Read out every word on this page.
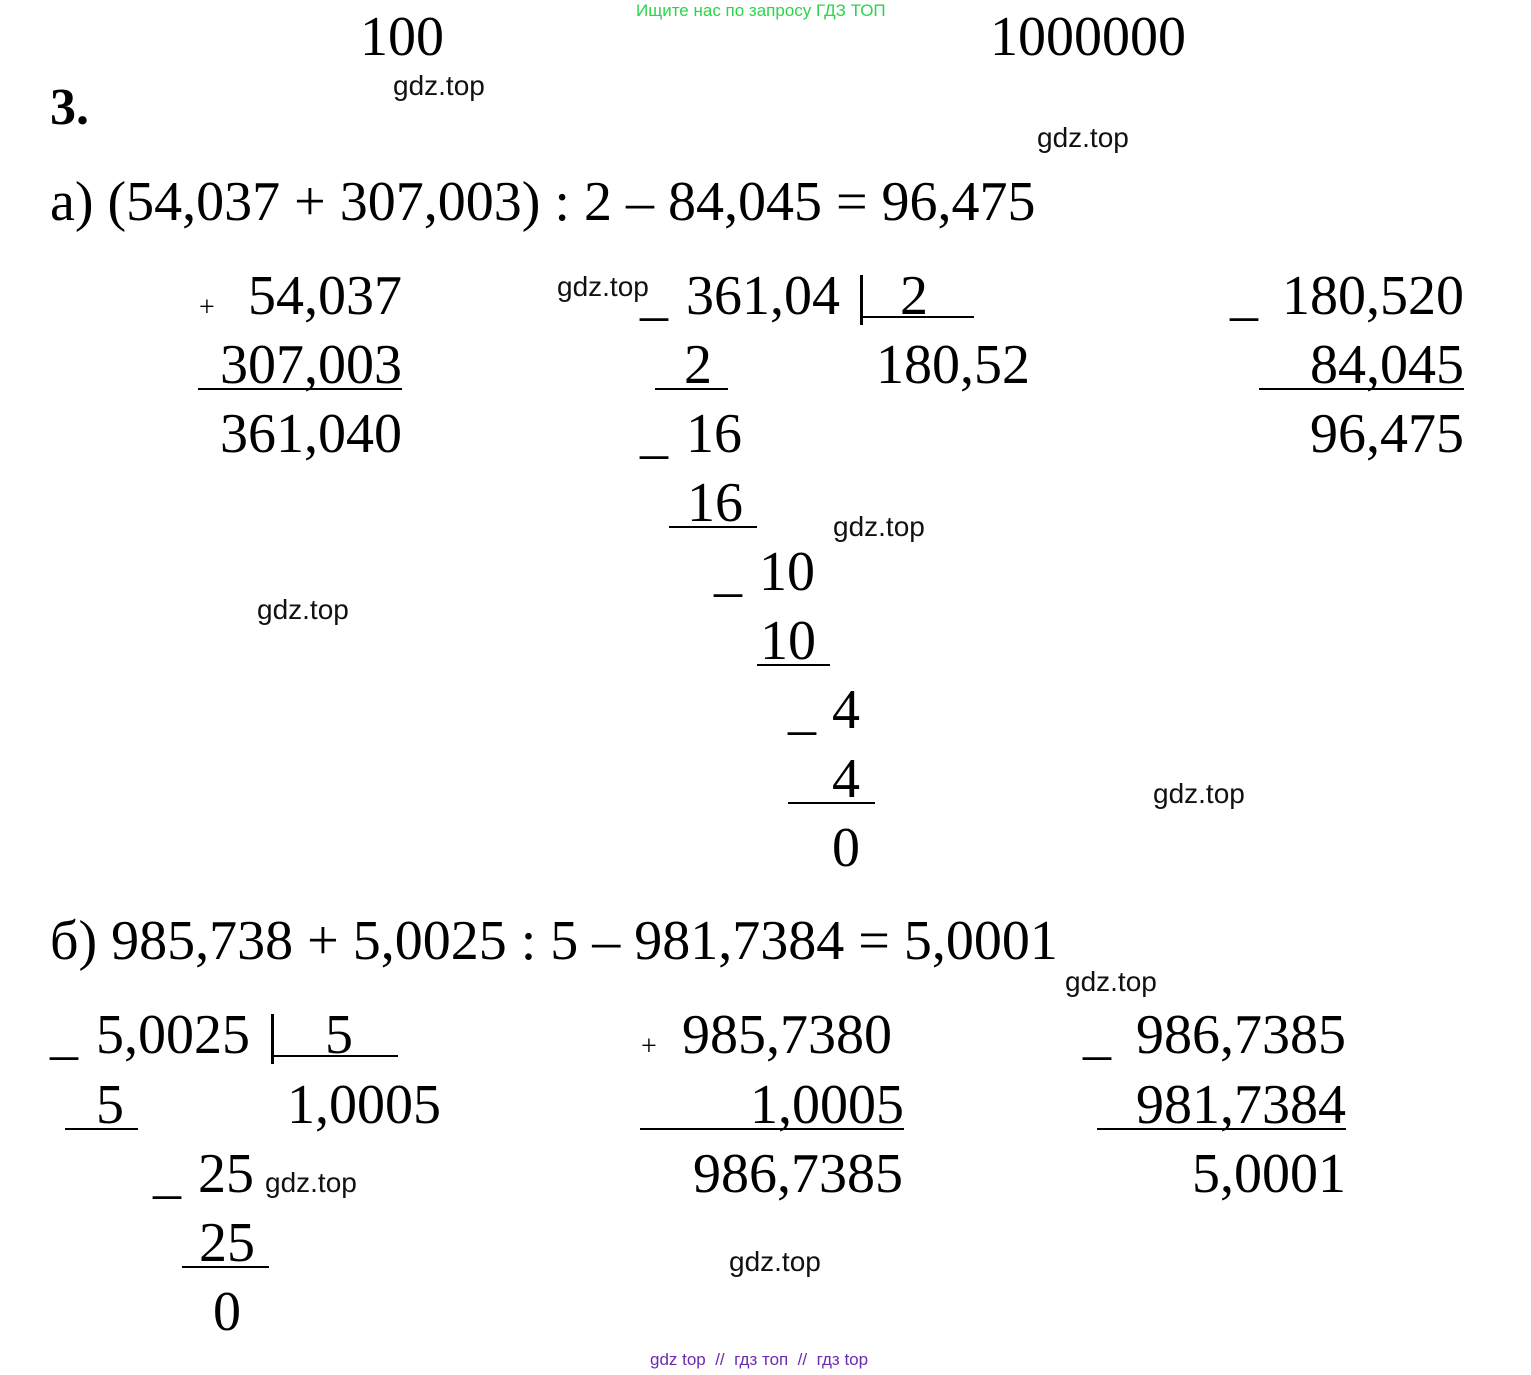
Ищите нас по запросу ГДЗ ТОП

100

	1000000

3.	gdz.top
gdz.top
gdz.top
gdz.top
gdz.top
gdz.top
gdz.top
gdz.top
gdz.top
а) (54,037 + 307,003) : 2 – 84,045 = 96,475
+ 54,037
307,003
361,040
_ 361,04 2
180,52
2
_ 16
16
_ 10
10
_ 4
4
0
_ 180,520
84,045
96,475
б) 985,738 + 5,0025 : 5 – 981,7384 = 5,0001
_ 5,0025 5
1,0005
5
_ 25
25
0
+ 985,7380
1,0005
986,7385
_ 986,7385
981,7384
5,0001
gdz top  //  гдз топ  //  гдз top
